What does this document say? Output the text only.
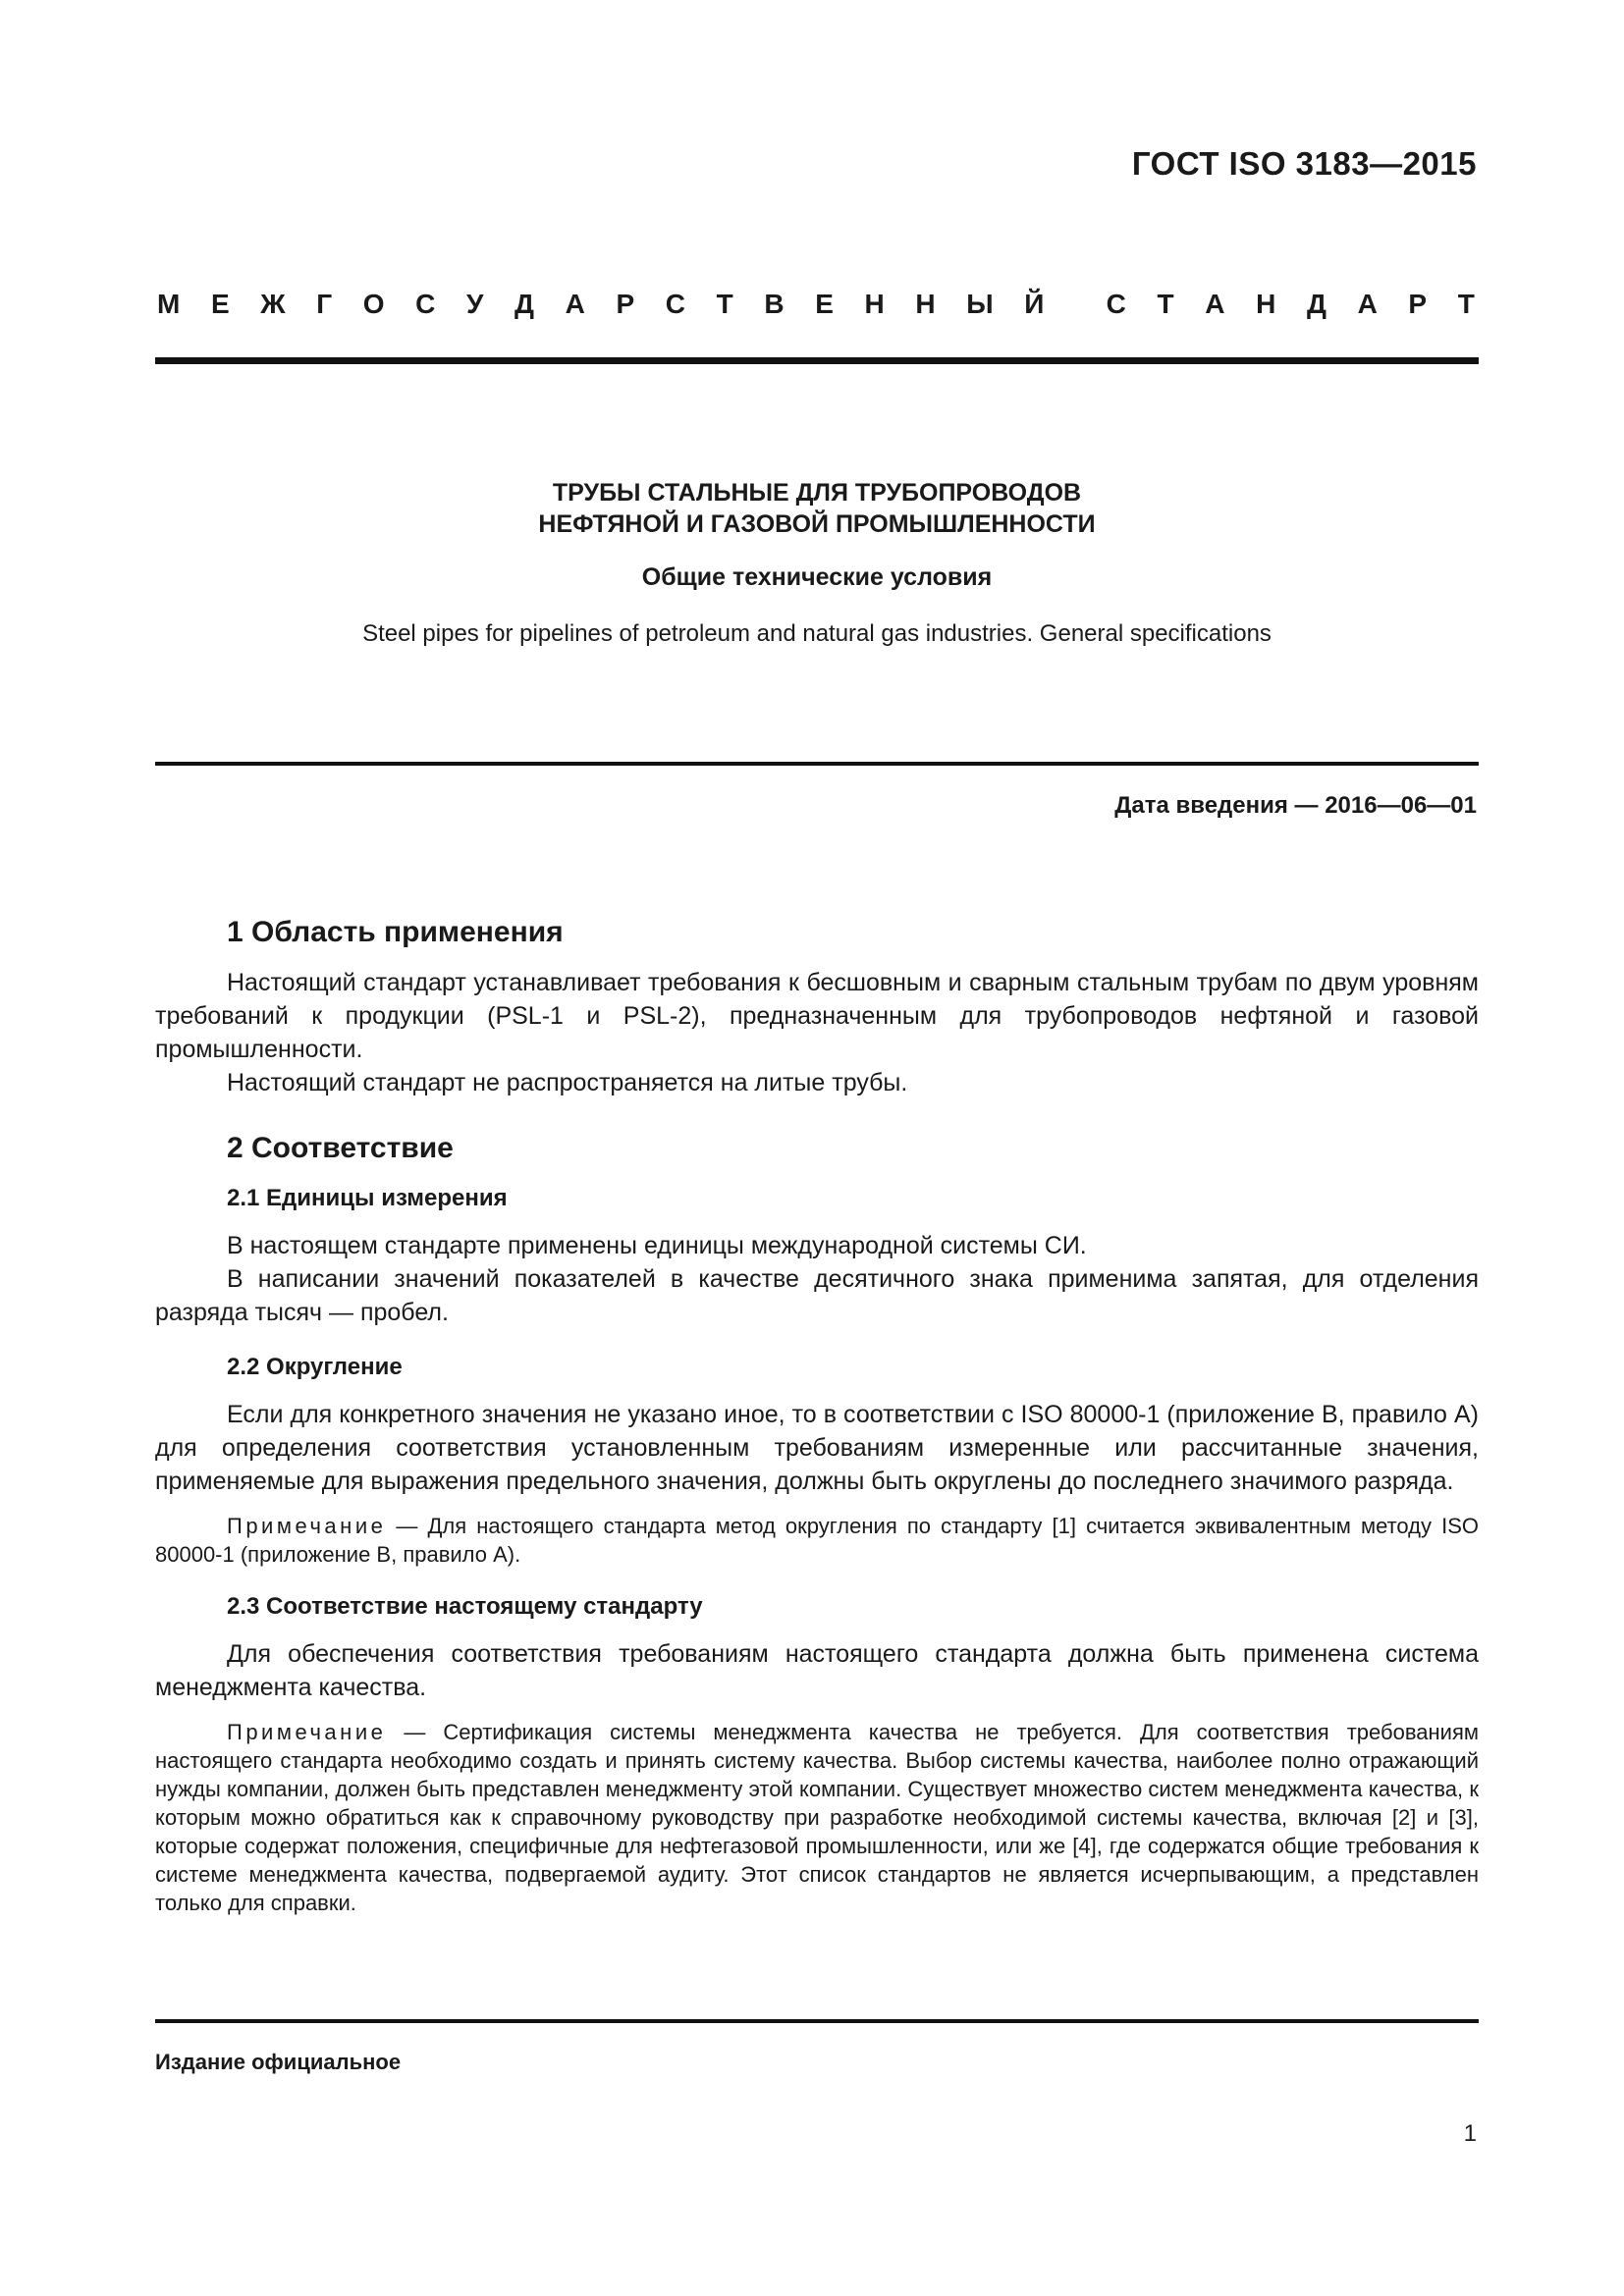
ГОСТ ISO 3183—2015
М Е Ж Г О С У Д А Р С Т В Е Н Н Ы Й С Т А Н Д А Р Т
ТРУБЫ СТАЛЬНЫЕ ДЛЯ ТРУБОПРОВОДОВ
НЕФТЯНОЙ И ГАЗОВОЙ ПРОМЫШЛЕННОСТИ
Общие технические условия
Steel pipes for pipelines of petroleum and natural gas industries. General specifications
Дата введения — 2016—06—01
1 Область применения

Настоящий стандарт устанавливает требования к бесшовным и сварным стальным трубам по двум уровням требований к продукции (PSL-1 и PSL-2), предназначенным для трубопроводов нефтяной и газовой промышленности.

Настоящий стандарт не распространяется на литые трубы.

2 Соответствие
2.1 Единицы измерения

В настоящем стандарте применены единицы международной системы СИ.

В написании значений показателей в качестве десятичного знака применима запятая, для отделения разряда тысяч — пробел.

2.2 Округление

Если для конкретного значения не указано иное, то в соответствии с ISO 80000-1 (приложение В, правило А) для определения соответствия установленным требованиям измеренные или рассчитанные значения, применяемые для выражения предельного значения, должны быть округлены до последнего значимого разряда.

Примечание — Для настоящего стандарта метод округления по стандарту [1] считается эквивалентным методу ISO 80000-1 (приложение В, правило А).

2.3 Соответствие настоящему стандарту

Для обеспечения соответствия требованиям настоящего стандарта должна быть применена система менеджмента качества.

Примечание — Сертификация системы менеджмента качества не требуется. Для соответствия требованиям настоящего стандарта необходимо создать и принять систему качества. Выбор системы качества, наиболее полно отражающий нужды компании, должен быть представлен менеджменту этой компании. Существует множество систем менеджмента качества, к которым можно обратиться как к справочному руководству при разработке необходимой системы качества, включая [2] и [3], которые содержат положения, специфичные для нефтегазовой промышленности, или же [4], где содержатся общие требования к системе менеджмента качества, подвергаемой аудиту. Этот список стандартов не является исчерпывающим, а представлен только для справки.

Издание официальное
1
